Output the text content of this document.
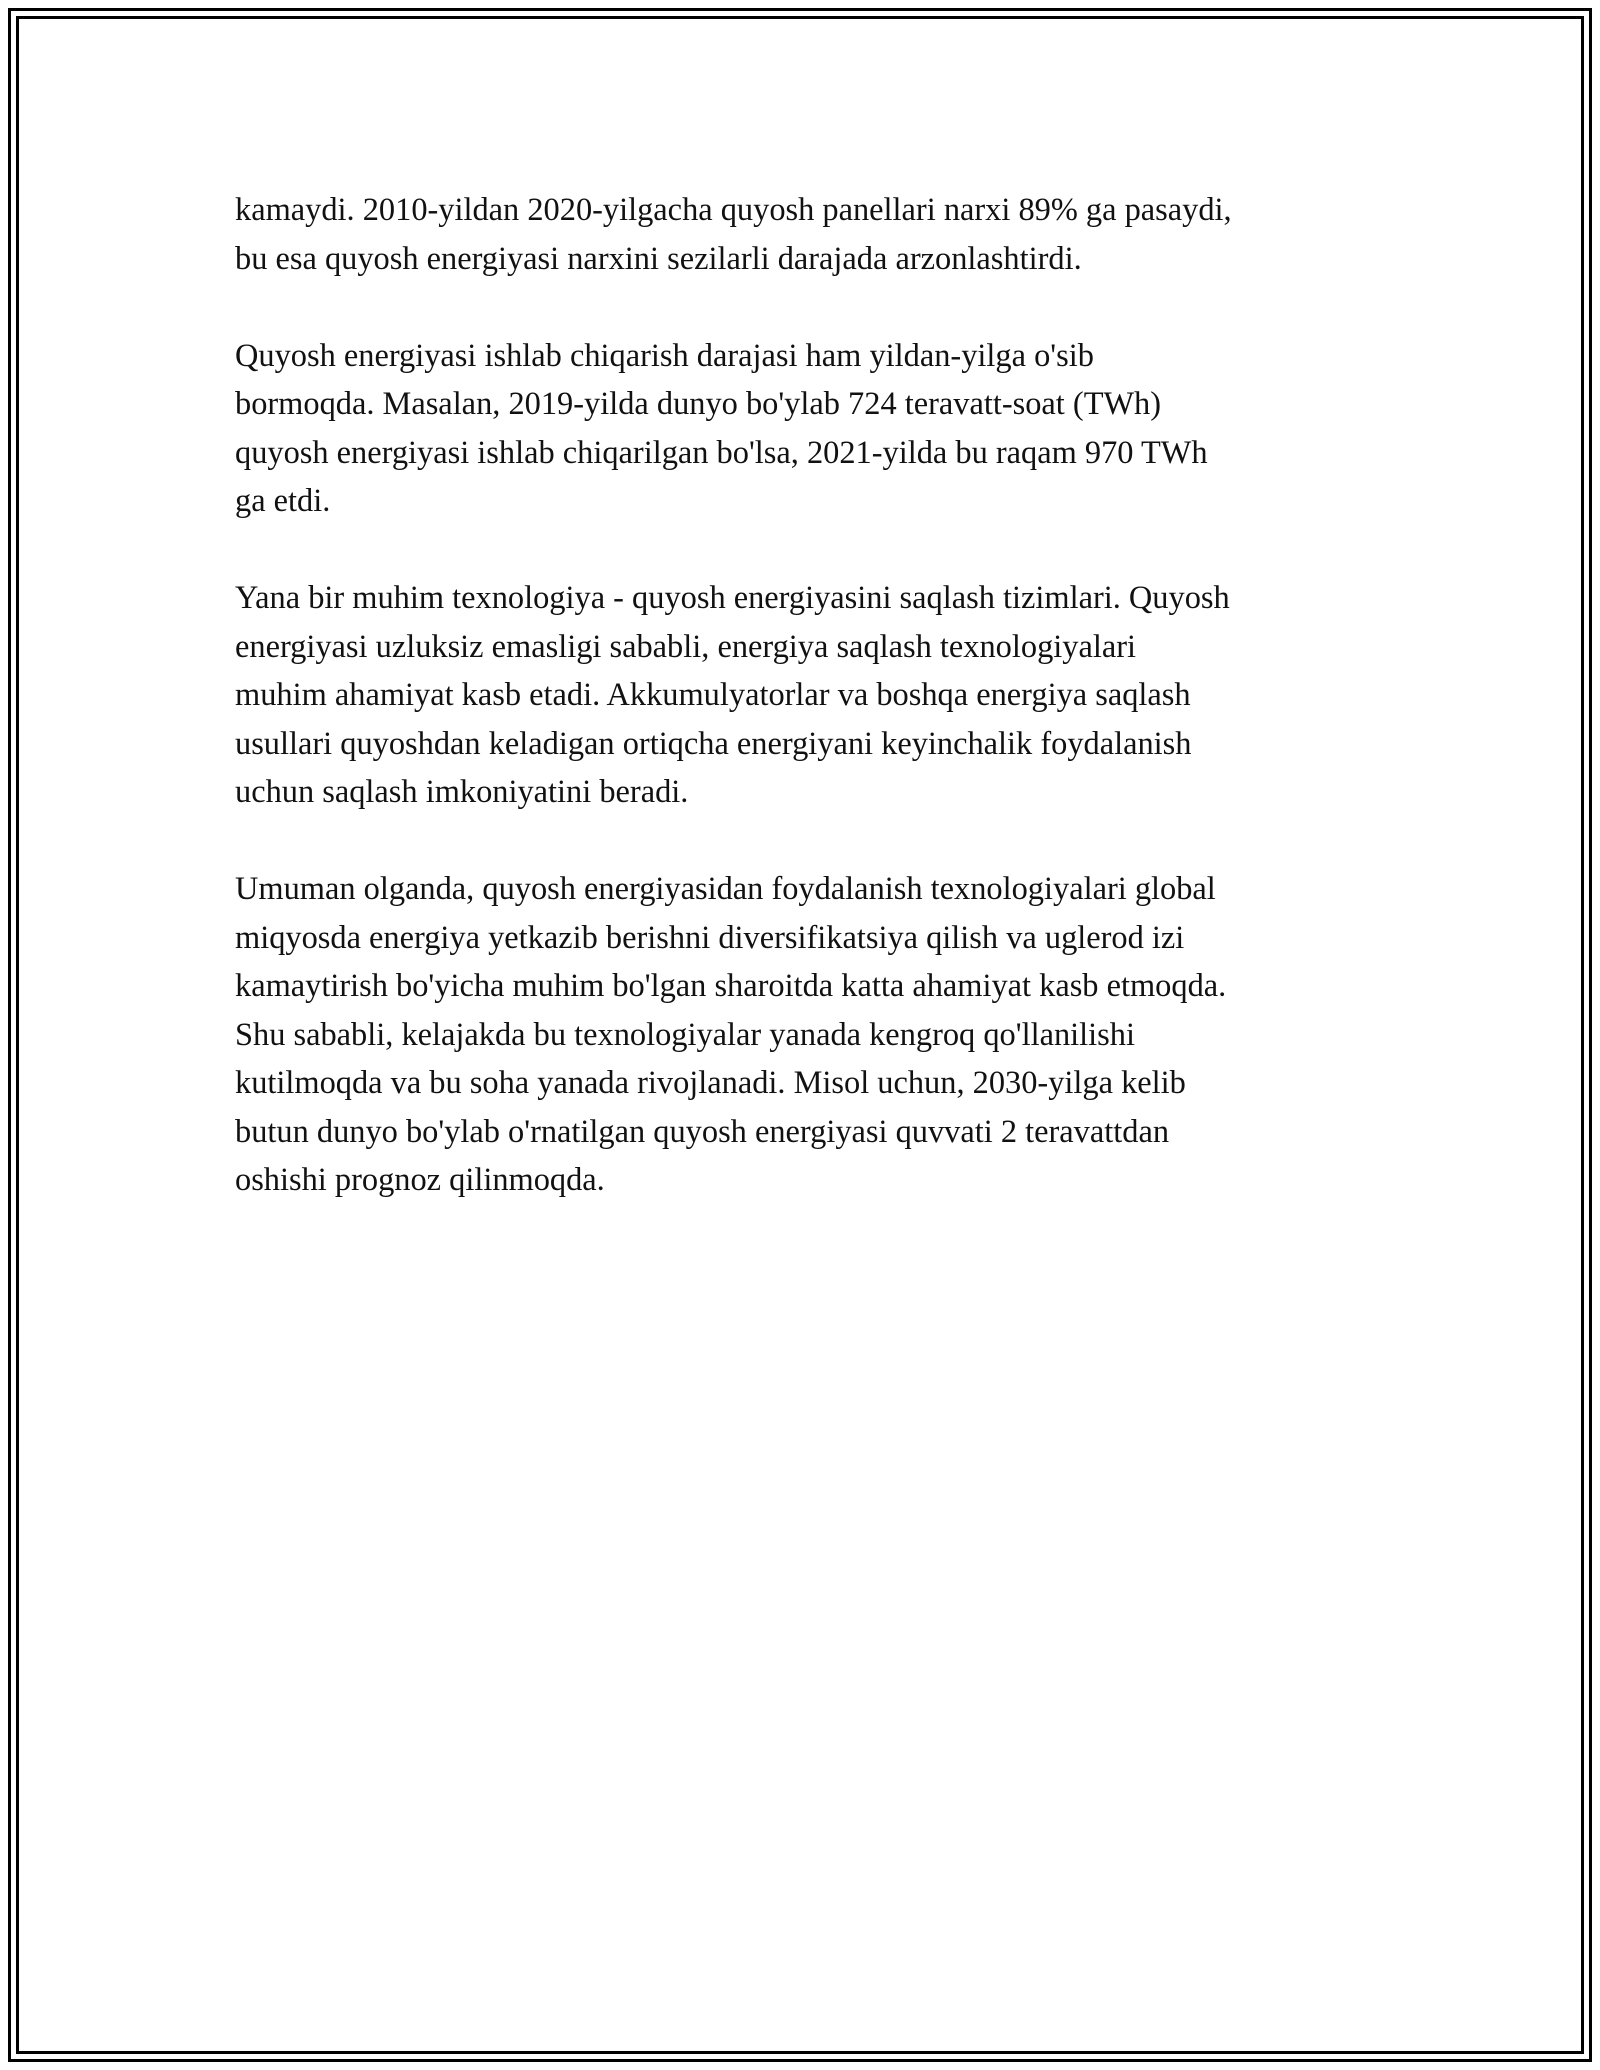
kamaydi. 2010-yildan 2020-yilgacha quyosh panellari narxi 89% ga pasaydi,
bu esa quyosh energiyasi narxini sezilarli darajada arzonlashtirdi.

Quyosh energiyasi ishlab chiqarish darajasi ham yildan-yilga o'sib
bormoqda. Masalan, 2019-yilda dunyo bo'ylab 724 teravatt-soat (TWh)
quyosh energiyasi ishlab chiqarilgan bo'lsa, 2021-yilda bu raqam 970 TWh
ga etdi.

Yana bir muhim texnologiya - quyosh energiyasini saqlash tizimlari. Quyosh
energiyasi uzluksiz emasligi sababli, energiya saqlash texnologiyalari
muhim ahamiyat kasb etadi. Akkumulyatorlar va boshqa energiya saqlash
usullari quyoshdan keladigan ortiqcha energiyani keyinchalik foydalanish
uchun saqlash imkoniyatini beradi.

Umuman olganda, quyosh energiyasidan foydalanish texnologiyalari global
miqyosda energiya yetkazib berishni diversifikatsiya qilish va uglerod izi
kamaytirish bo'yicha muhim bo'lgan sharoitda katta ahamiyat kasb etmoqda.
Shu sababli, kelajakda bu texnologiyalar yanada kengroq qo'llanilishi
kutilmoqda va bu soha yanada rivojlanadi. Misol uchun, 2030-yilga kelib
butun dunyo bo'ylab o'rnatilgan quyosh energiyasi quvvati 2 teravattdan
oshishi prognoz qilinmoqda.
